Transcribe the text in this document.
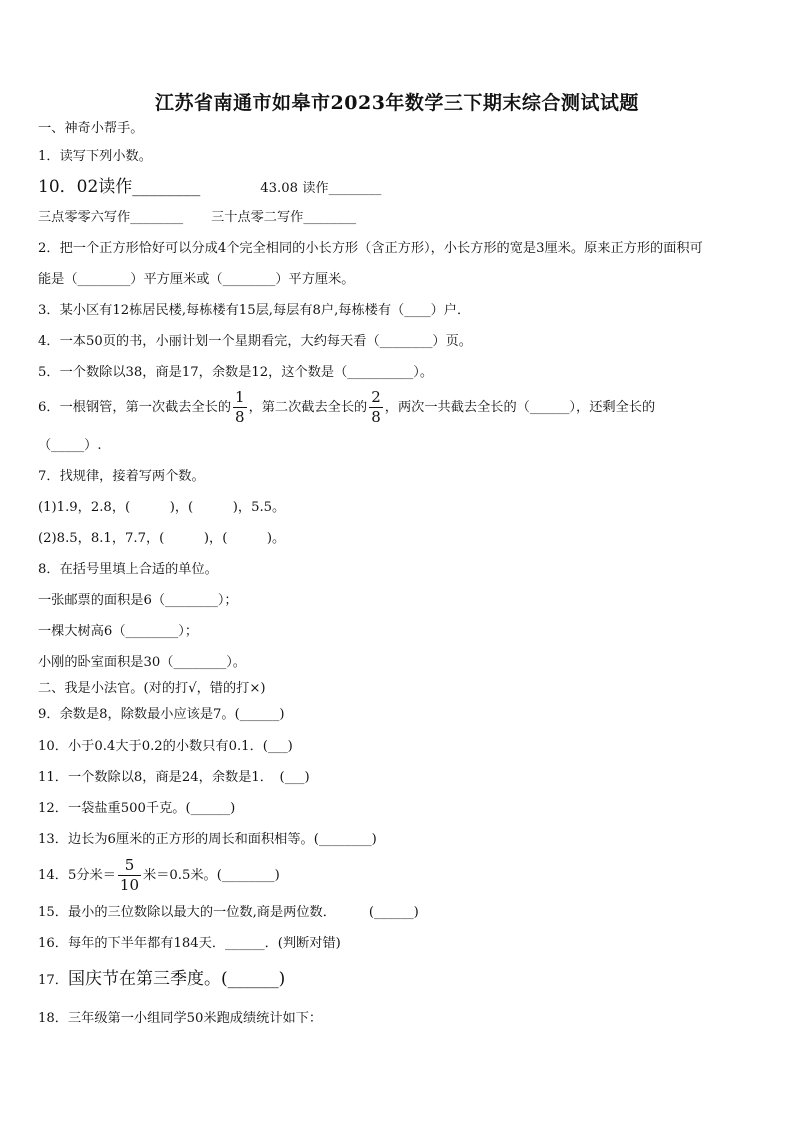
江苏省南通市如皋市2023年数学三下期末综合测试试题
一、神奇小帮手。
1．读写下列小数。
10．02读作________	43.08 读作________
三点零零六写作________ 三十点零二写作________
2．把一个正方形恰好可以分成4个完全相同的小长方形（含正方形），小长方形的宽是3厘米。原来正方形的面积可
能是（________）平方厘米或（________）平方厘米。
3．某小区有12栋居民楼,每栋楼有15层,每层有8户,每栋楼有（____）户．
4．一本50页的书，小丽计划一个星期看完，大约每天看（________）页。
5．一个数除以38，商是17，余数是12，这个数是（__________）。
6．一根钢管，第一次截去全长的 $\frac{1}{8}$ ，第二次截去全长的 $\frac{2}{8}$ ，两次一共截去全长的（______），还剩全长的
（_____）.
7．找规律，接着写两个数。
(1)1.9，2.8，(　　　)，(　　　)，5.5。
(2)8.5，8.1，7.7，(　　　)，(　　　)。
8．在括号里填上合适的单位。
一张邮票的面积是6（________）；
一棵大树高6（________）；
小刚的卧室面积是30（________）。
二、我是小法官。(对的打√，错的打×)
9．余数是8，除数最小应该是7。(______)
10．小于0.4大于0.2的小数只有0.1．(___)
11．一个数除以8，商是24，余数是1．　(___)
12．一袋盐重500千克。(______)
13．边长为6厘米的正方形的周长和面积相等。(________)
14．5分米＝ $\frac{5}{10}$ 米＝0.5米。(________)
15．最小的三位数除以最大的一位数,商是两位数．　　　(______)
16．每年的下半年都有184天．______．(判断对错)
17．国庆节在第三季度。(______)
18．三年级第一小组同学50米跑成绩统计如下：
